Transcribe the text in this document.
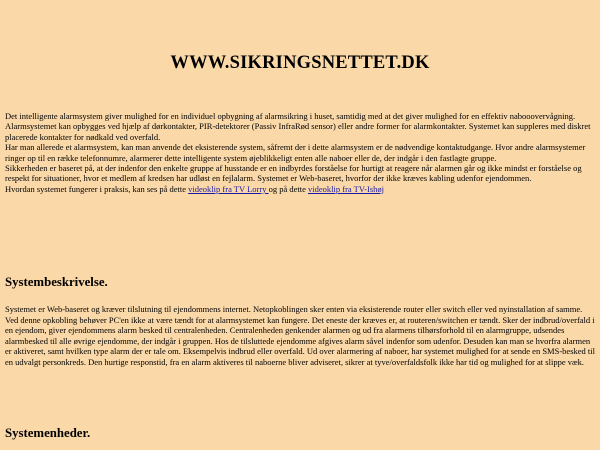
WWW.SIKRINGSNETTET.DK

Det intelligente alarmsystem giver mulighed for en individuel opbygning af alarmsikring i huset, samtidig med at det giver mulighed for en effektiv nabooovervågning. Alarmsystemet kan opbygges ved hjælp af dørkontakter, PIR-detektorer (Passiv InfraRød sensor) eller andre former for alarmkontakter. Systemet kan suppleres med diskret placerede kontakter for nødkald ved overfald.
Har man allerede et alarmsystem, kan man anvende det eksisterende system, såfremt der i dette alarmsystem er de nødvendige kontaktudgange. Hvor andre alarmsystemer ringer op til en række telefonnumre, alarmerer dette intelligente system øjeblikkeligt enten alle naboer eller de, der indgår i den fastlagte gruppe.
Sikkerheden er baseret på, at der indenfor den enkelte gruppe af husstande er en indbyrdes forståelse for hurtigt at reagere når alarmen går og ikke mindst er forståelse og respekt for situationer, hvor et medlem af kredsen har udløst en fejlalarm. Systemet er Web-baseret, hvorfor der ikke kræves kabling udenfor ejendommen.
Hvordan systemet fungerer i praksis, kan ses på dette videoklip fra TV Lorry og på dette videoklip fra TV-Ishøj

Systembeskrivelse.

Systemet er Web-baseret og kræver tilslutning til ejendommens internet. Netopkoblingen sker enten via eksisterende router eller switch eller ved nyinstallation af samme. Ved denne opkobling behøver PC'en ikke at være tændt for at alarmsystemet kan fungere. Det eneste der kræves er, at routeren/switchen er tændt. Sker der indbrud/overfald i en ejendom, giver ejendommens alarm besked til centralenheden. Centralenheden genkender alarmen og ud fra alarmens tilhørsforhold til en alarmgruppe, udsendes alarmbesked til alle øvrige ejendomme, der indgår i gruppen. Hos de tilsluttede ejendomme afgives alarm såvel indenfor som udenfor. Desuden kan man se hvorfra alarmen er aktiveret, samt hvilken type alarm der er tale om. Eksempelvis indbrud eller overfald. Ud over alarmering af naboer, har systemet mulighed for at sende en SMS-besked til en udvalgt personkreds. Den hurtige responstid, fra en alarm aktiveres til naboerne bliver adviseret, sikrer at tyve/overfaldsfolk ikke har tid og mulighed for at slippe væk.

Systemenheder.
